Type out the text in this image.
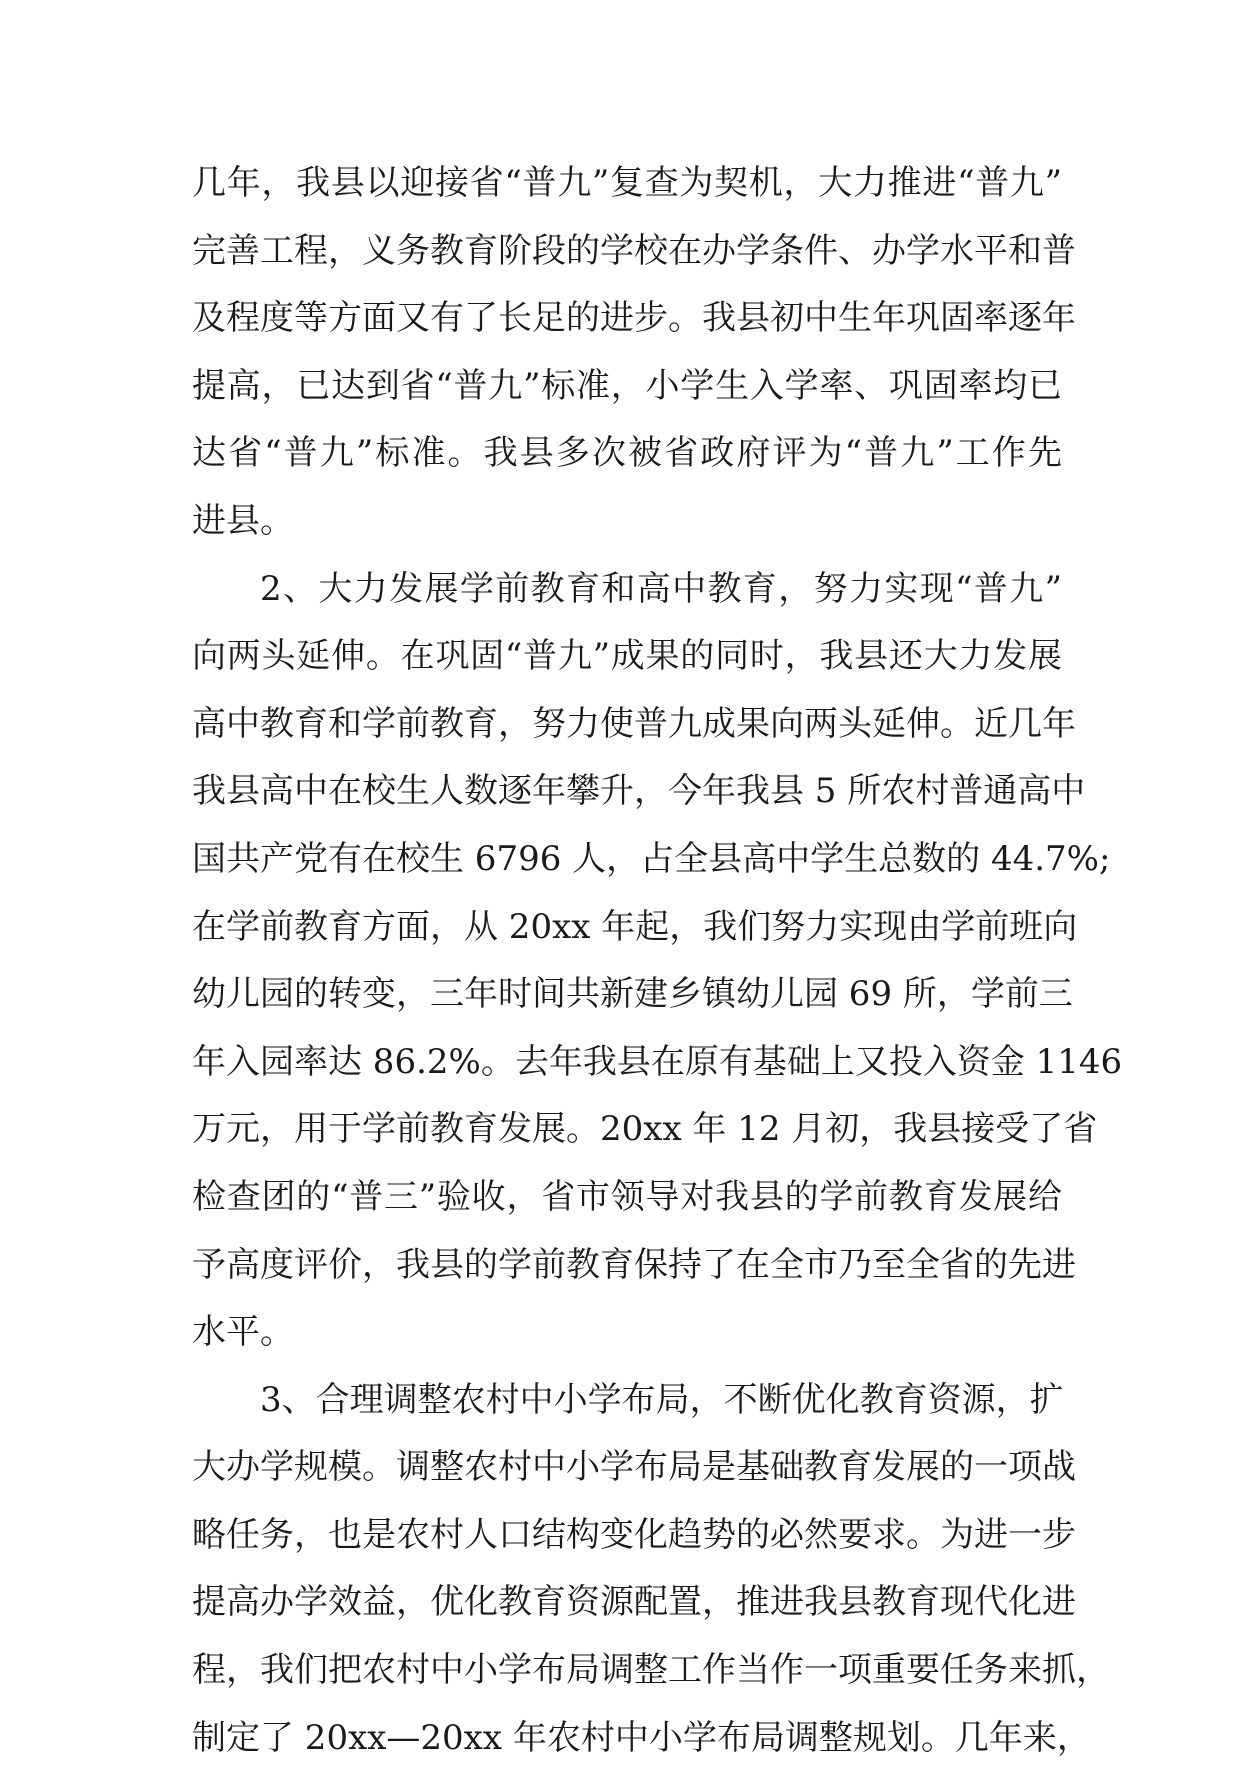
几年，我县以迎接省“普九”复查为契机，大力推进“普九”
完善工程，义务教育阶段的学校在办学条件、办学水平和普
及程度等方面又有了长足的进步。我县初中生年巩固率逐年
提高，已达到省“普九”标准，小学生入学率、巩固率均已
达省“普九”标准。我县多次被省政府评为“普九”工作先
进县。
2、大力发展学前教育和高中教育，努力实现“普九”
向两头延伸。在巩固“普九”成果的同时，我县还大力发展
高中教育和学前教育，努力使普九成果向两头延伸。近几年
我县高中在校生人数逐年攀升，今年我县 5 所农村普通高中
国共产党有在校生 6796 人，占全县高中学生总数的 44.7%;
在学前教育方面，从 20xx 年起，我们努力实现由学前班向
幼儿园的转变，三年时间共新建乡镇幼儿园 69 所，学前三
年入园率达 86.2%。去年我县在原有基础上又投入资金 1146
万元，用于学前教育发展。20xx 年 12 月初，我县接受了省
检查团的“普三”验收，省市领导对我县的学前教育发展给
予高度评价，我县的学前教育保持了在全市乃至全省的先进
水平。
3、合理调整农村中小学布局，不断优化教育资源，扩
大办学规模。调整农村中小学布局是基础教育发展的一项战
略任务，也是农村人口结构变化趋势的必然要求。为进一步
提高办学效益，优化教育资源配置，推进我县教育现代化进
程，我们把农村中小学布局调整工作当作一项重要任务来抓，
制定了 20xx—20xx 年农村中小学布局调整规划。几年来，
